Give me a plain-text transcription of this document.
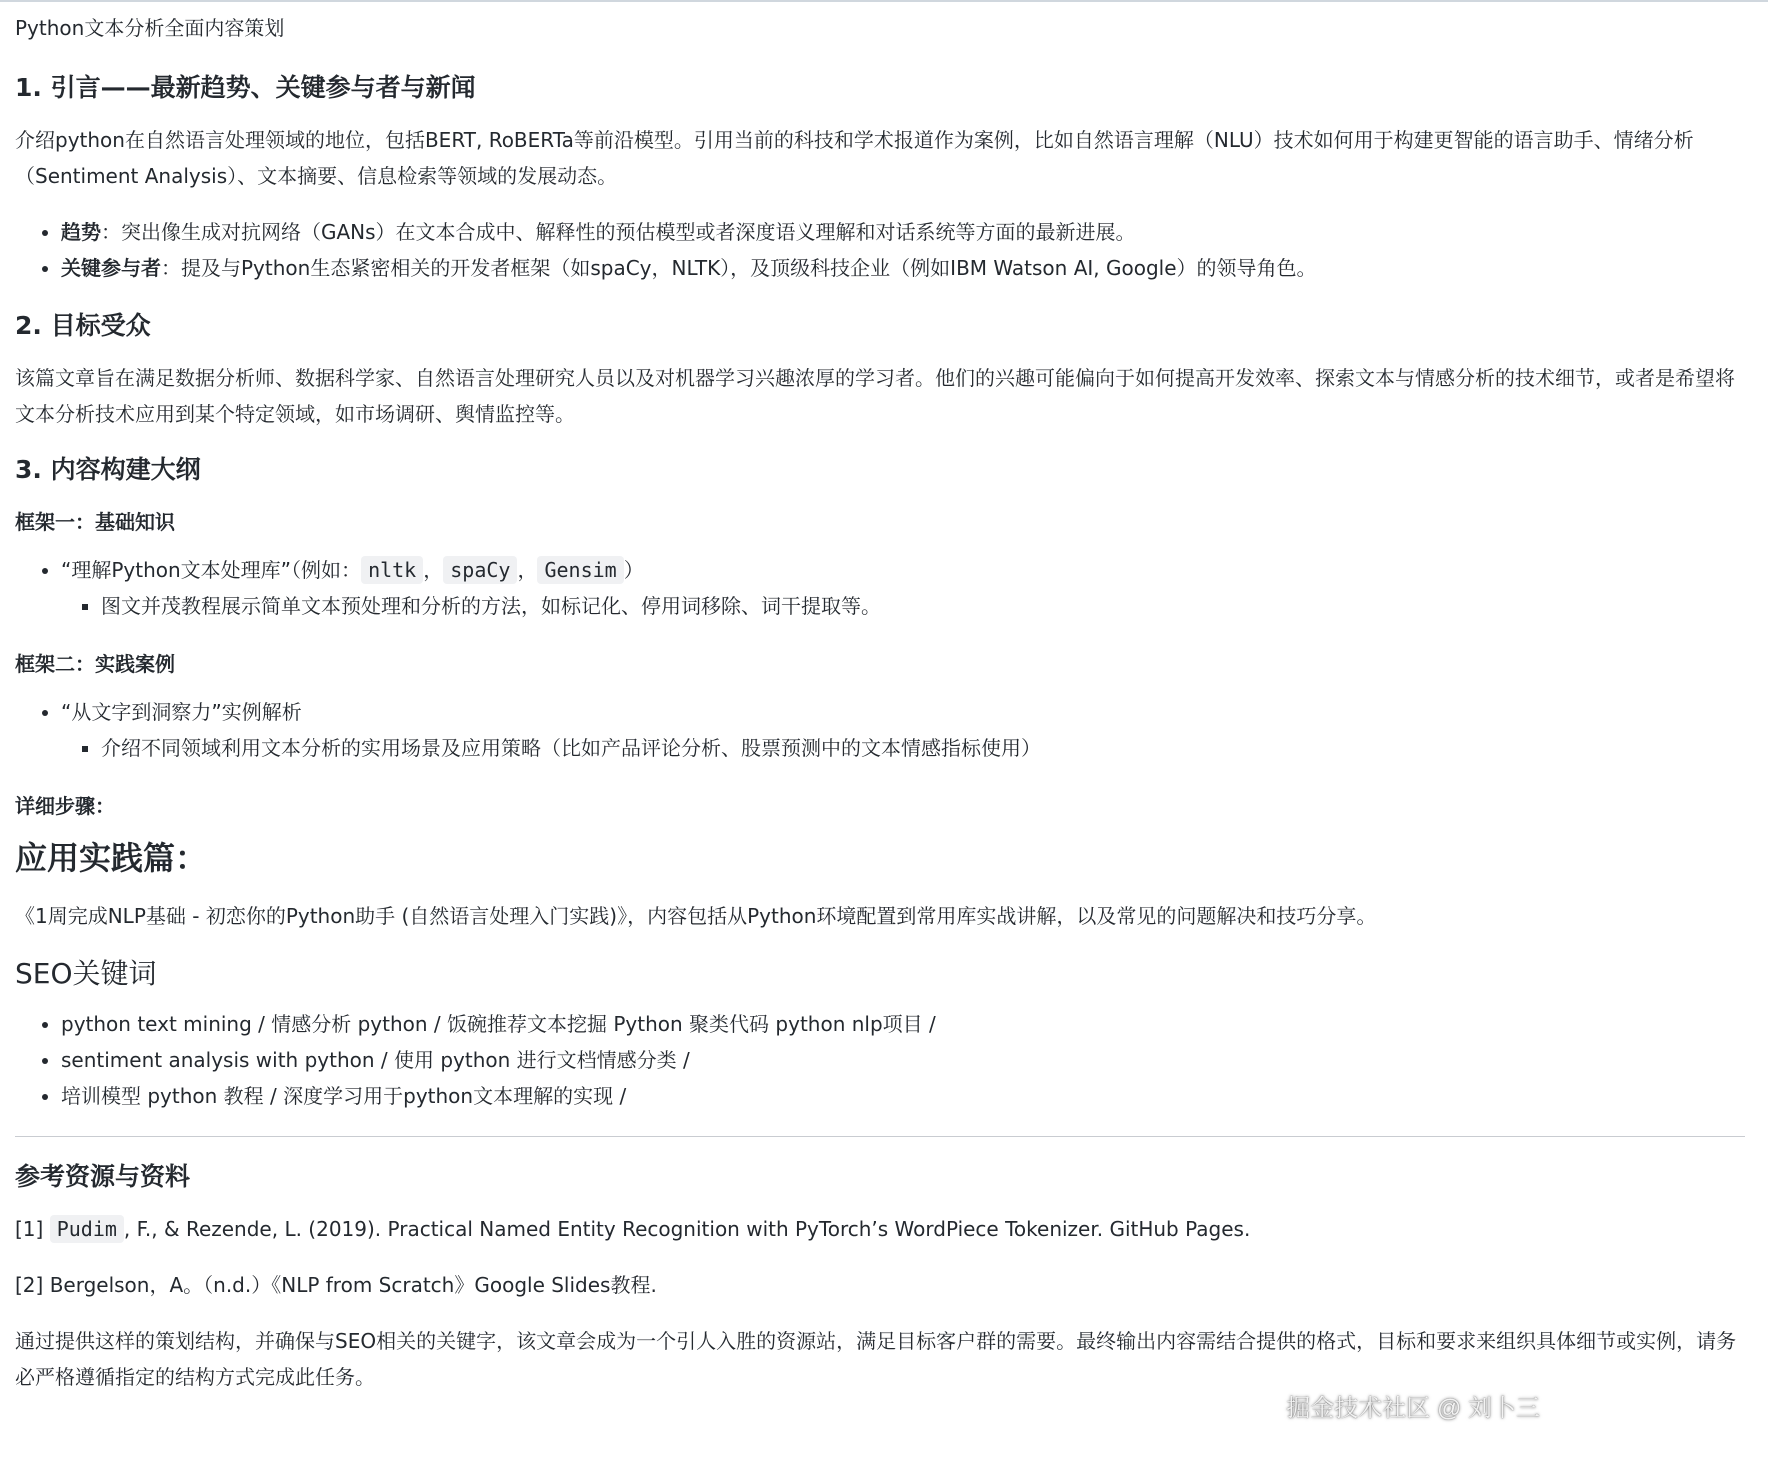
Python文本分析全面内容策划
1. 引言——最新趋势、关键参与者与新闻

介绍python在自然语言处理领域的地位，包括BERT, RoBERTa等前沿模型。引用当前的科技和学术报道作为案例，比如自然语言理解（NLU）技术如何用于构建更智能的语言助手、情绪分析（Sentiment Analysis）、文本摘要、信息检索等领域的发展动态。

• 趋势：突出像生成对抗网络（GANs）在文本合成中、解释性的预估模型或者深度语义理解和对话系统等方面的最新进展。
• 关键参与者：提及与Python生态紧密相关的开发者框架（如spaCy，NLTK），及顶级科技企业（例如IBM Watson AI, Google）的领导角色。
2. 目标受众

该篇文章旨在满足数据分析师、数据科学家、自然语言处理研究人员以及对机器学习兴趣浓厚的学习者。他们的兴趣可能偏向于如何提高开发效率、探索文本与情感分析的技术细节，或者是希望将文本分析技术应用到某个特定领域，如市场调研、舆情监控等。

3. 内容构建大纲

框架一：基础知识

• “理解Python文本处理库”（例如： nltk ， spaCy ， Gensim ）
▪ 图文并茂教程展示简单文本预处理和分析的方法，如标记化、停用词移除、词干提取等。

框架二：实践案例

• “从文字到洞察力”实例解析
▪ 介绍不同领域利用文本分析的实用场景及应用策略（比如产品评论分析、股票预测中的文本情感指标使用）

详细步骤：

应用实践篇：

《1周完成NLP基础 - 初恋你的Python助手 (自然语言处理入门实践)》，内容包括从Python环境配置到常用库实战讲解，以及常见的问题解决和技巧分享。

SEO关键词
• python text mining / 情感分析 python / 饭碗推荐文本挖掘 Python 聚类代码 python nlp项目 /
• sentiment analysis with python / 使用 python 进行文档情感分类 /
• 培训模型 python 教程 / 深度学习用于python文本理解的实现 /
参考资源与资料

[1] Pudim , F., & Rezende, L. (2019). Practical Named Entity Recognition with PyTorch’s WordPiece Tokenizer. GitHub Pages.

[2] Bergelson，A。（n.d.）《NLP from Scratch》Google Slides教程.

通过提供这样的策划结构，并确保与SEO相关的关键字，该文章会成为一个引人入胜的资源站，满足目标客户群的需要。最终输出内容需结合提供的格式，目标和要求来组织具体细节或实例，请务必严格遵循指定的结构方式完成此任务。

掘金技术社区 @ 刘卜三
